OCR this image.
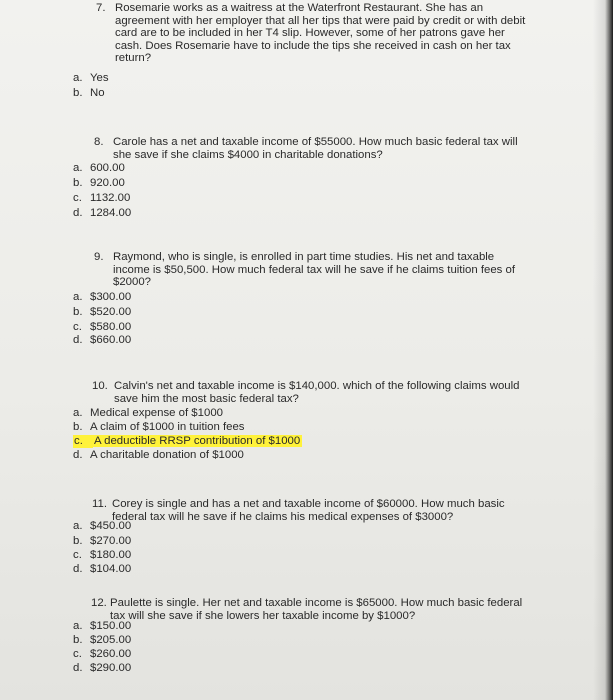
7. Rosemarie works as a waitress at the Waterfront Restaurant. She has an agreement with her employer that all her tips that were paid by credit or with debit card are to be included in her T4 slip. However, some of her patrons gave her cash. Does Rosemarie have to include the tips she received in cash on her tax return?
a. Yes
b. No
8. Carole has a net and taxable income of $55000. How much basic federal tax will she save if she claims $4000 in charitable donations?
a. 600.00
b. 920.00
c. 1132.00
d. 1284.00
9. Raymond, who is single, is enrolled in part time studies. His net and taxable income is $50,500. How much federal tax will he save if he claims tuition fees of $2000?
a. $300.00
b. $520.00
c. $580.00
d. $660.00
10. Calvin's net and taxable income is $140,000. which of the following claims would save him the most basic federal tax?
a. Medical expense of $1000
b. A claim of $1000 in tuition fees
c. A deductible RRSP contribution of $1000
d. A charitable donation of $1000
11. Corey is single and has a net and taxable income of $60000. How much basic federal tax will he save if he claims his medical expenses of $3000?
a. $450.00
b. $270.00
c. $180.00
d. $104.00
12. Paulette is single. Her net and taxable income is $65000. How much basic federal tax will she save if she lowers her taxable income by $1000?
a. $150.00
b. $205.00
c. $260.00
d. $290.00
